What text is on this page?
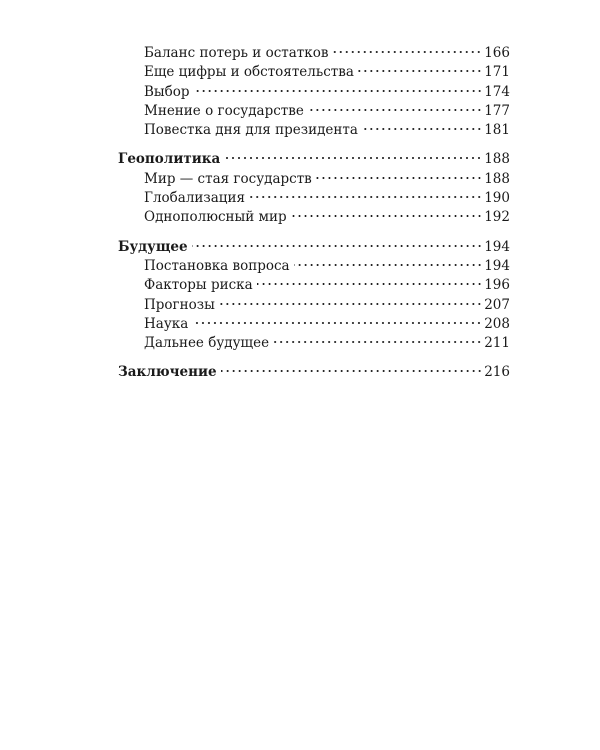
Баланс потерь и остатков	166
Еще цифры и обстоятельства	171
Выбор	174
Мнение о государстве	177
Повестка дня для президента	181
Геополитика	188
Мир — стая государств	188
Глобализация	190
Однополюсный мир	192
Будущее	194
Постановка вопроса	194
Факторы риска	196
Прогнозы	207
Наука	208
Дальнее будущее	211
Заключение	216
